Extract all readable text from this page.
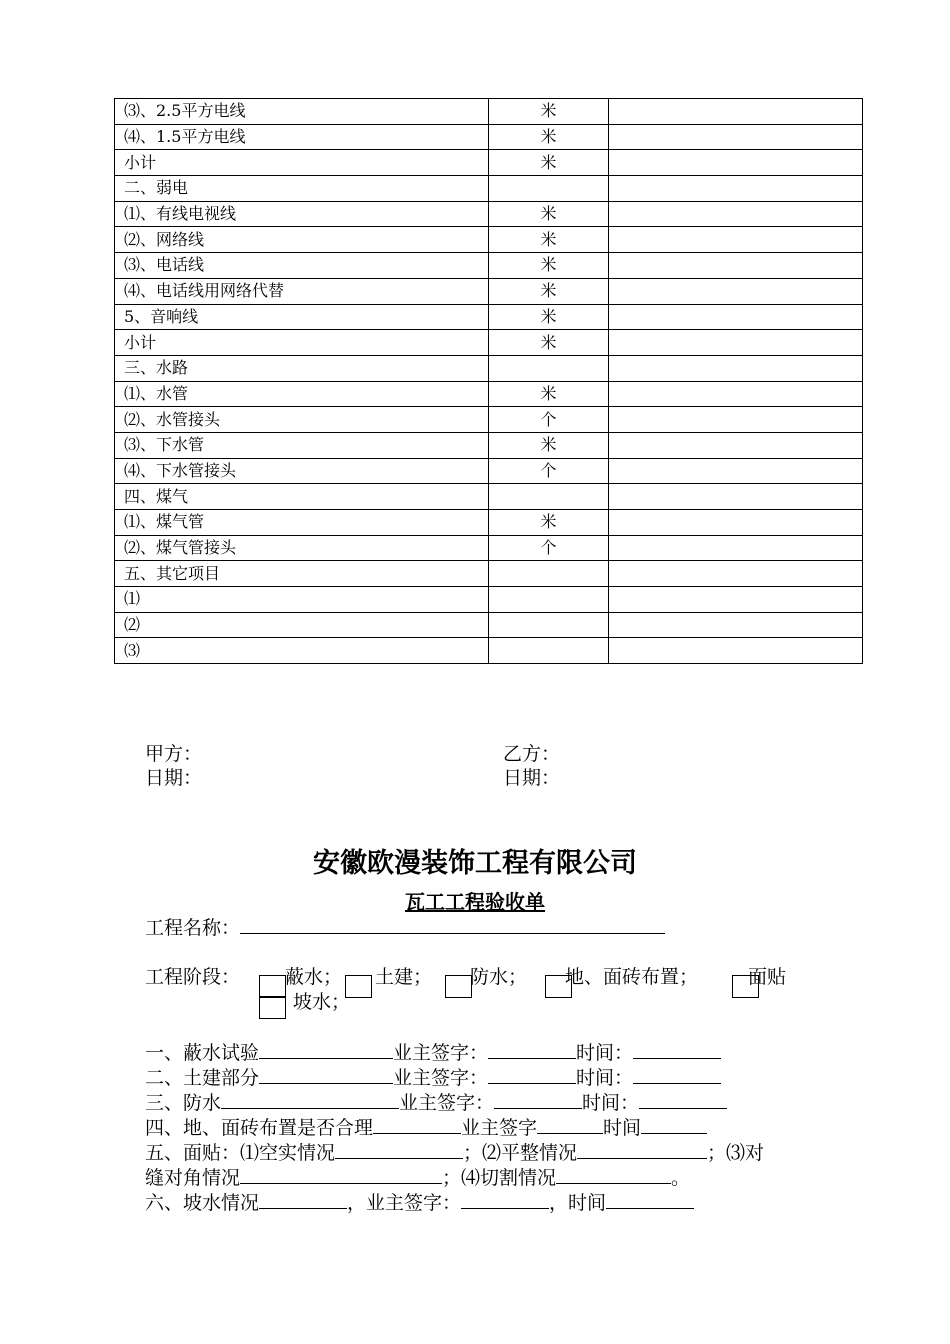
⑶、2.5平方电线	米	
⑷、1.5平方电线	米	
小计	米	
二、弱电		
⑴、有线电视线	米	
⑵、网络线	米	
⑶、电话线	米	
⑷、电话线用网络代替	米	
5、音响线	米	
小计	米	
三、水路		
⑴、水管	米	
⑵、水管接头	个	
⑶、下水管	米	
⑷、下水管接头	个	
四、煤气		
⑴、煤气管	米	
⑵、煤气管接头	个	
五、其它项目		
⑴		
⑵		
⑶		
甲方：
日期：
乙方：
日期：
安徽欧漫装饰工程有限公司
瓦工工程验收单
工程名称：
工程阶段： 蔽水； 土建； 防水； 地、面砖布置；	面贴
坡水；
一、蔽水试验	业主签字：	时间：
二、土建部分	业主签字：	时间：
三、防水	业主签字：	时间：
四、地、面砖布置是否合理	业主签字	时间
五、面贴：⑴空实情况	；⑵平整情况	；⑶对
缝对角情况	；⑷切割情况	。
六、坡水情况	，业主签字：	，时间
